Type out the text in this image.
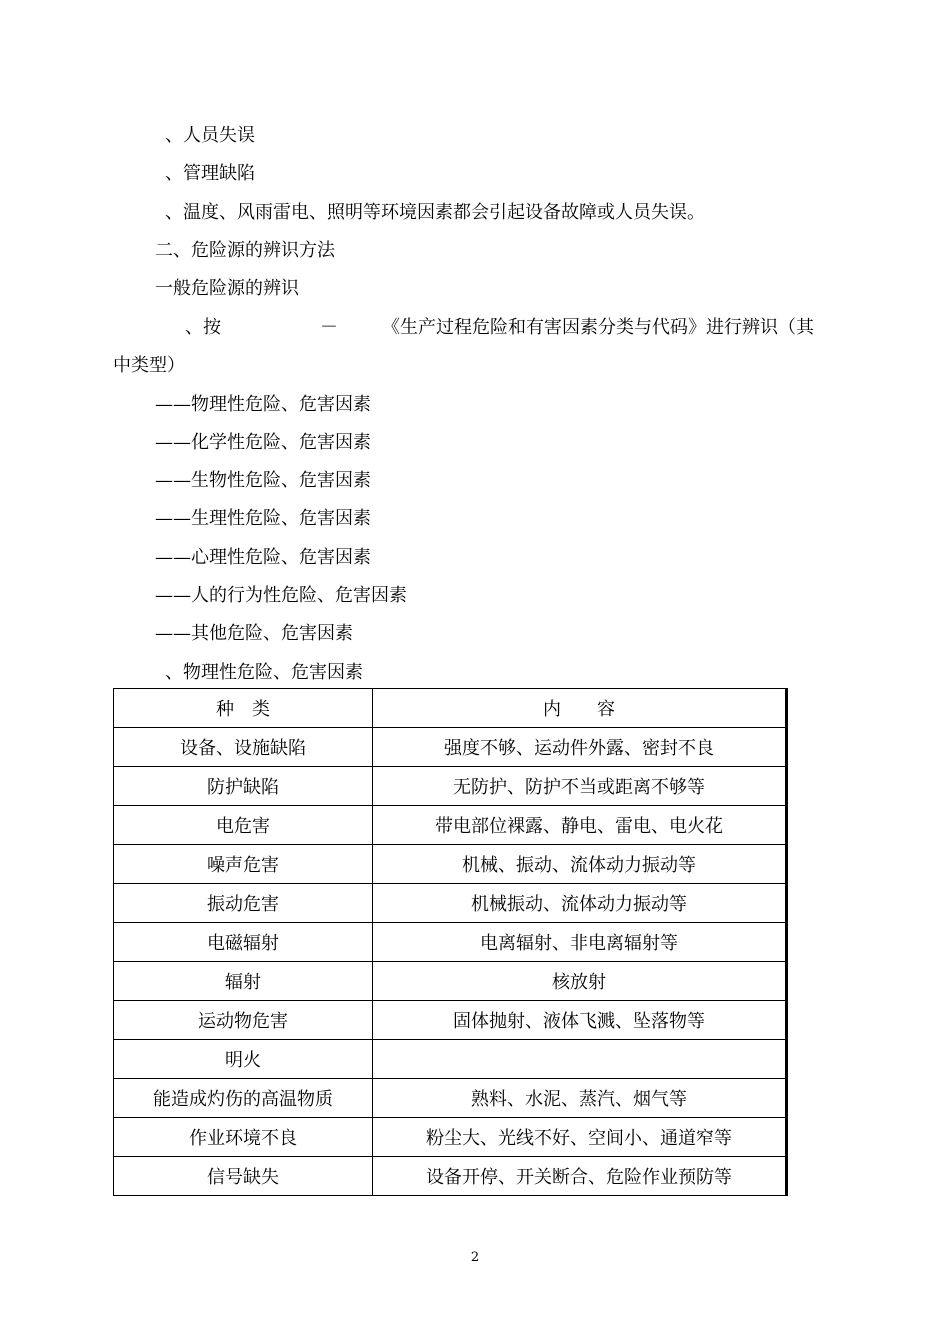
、人员失误
、管理缺陷
、温度、风雨雷电、照明等环境因素都会引起设备故障或人员失误。
二、危险源的辨识方法
一般危险源的辨识
、按	－ 《生产过程危险和有害因素分类与代码》进行辨识（其
中类型）
——物理性危险、危害因素
——化学性危险、危害因素
——生物性危险、危害因素
——生理性危险、危害因素
——心理性危险、危害因素
——人的行为性危险、危害因素
——其他危险、危害因素
、物理性危险、危害因素
种　类	内　　容
设备、设施缺陷	强度不够、运动件外露、密封不良
防护缺陷	无防护、防护不当或距离不够等
电危害	带电部位裸露、静电、雷电、电火花
噪声危害	机械、振动、流体动力振动等
振动危害	机械振动、流体动力振动等
电磁辐射	电离辐射、非电离辐射等
辐射	核放射
运动物危害	固体抛射、液体飞溅、坠落物等
明火	
能造成灼伤的高温物质	熟料、水泥、蒸汽、烟气等
作业环境不良	粉尘大、光线不好、空间小、通道窄等
信号缺失	设备开停、开关断合、危险作业预防等
2
